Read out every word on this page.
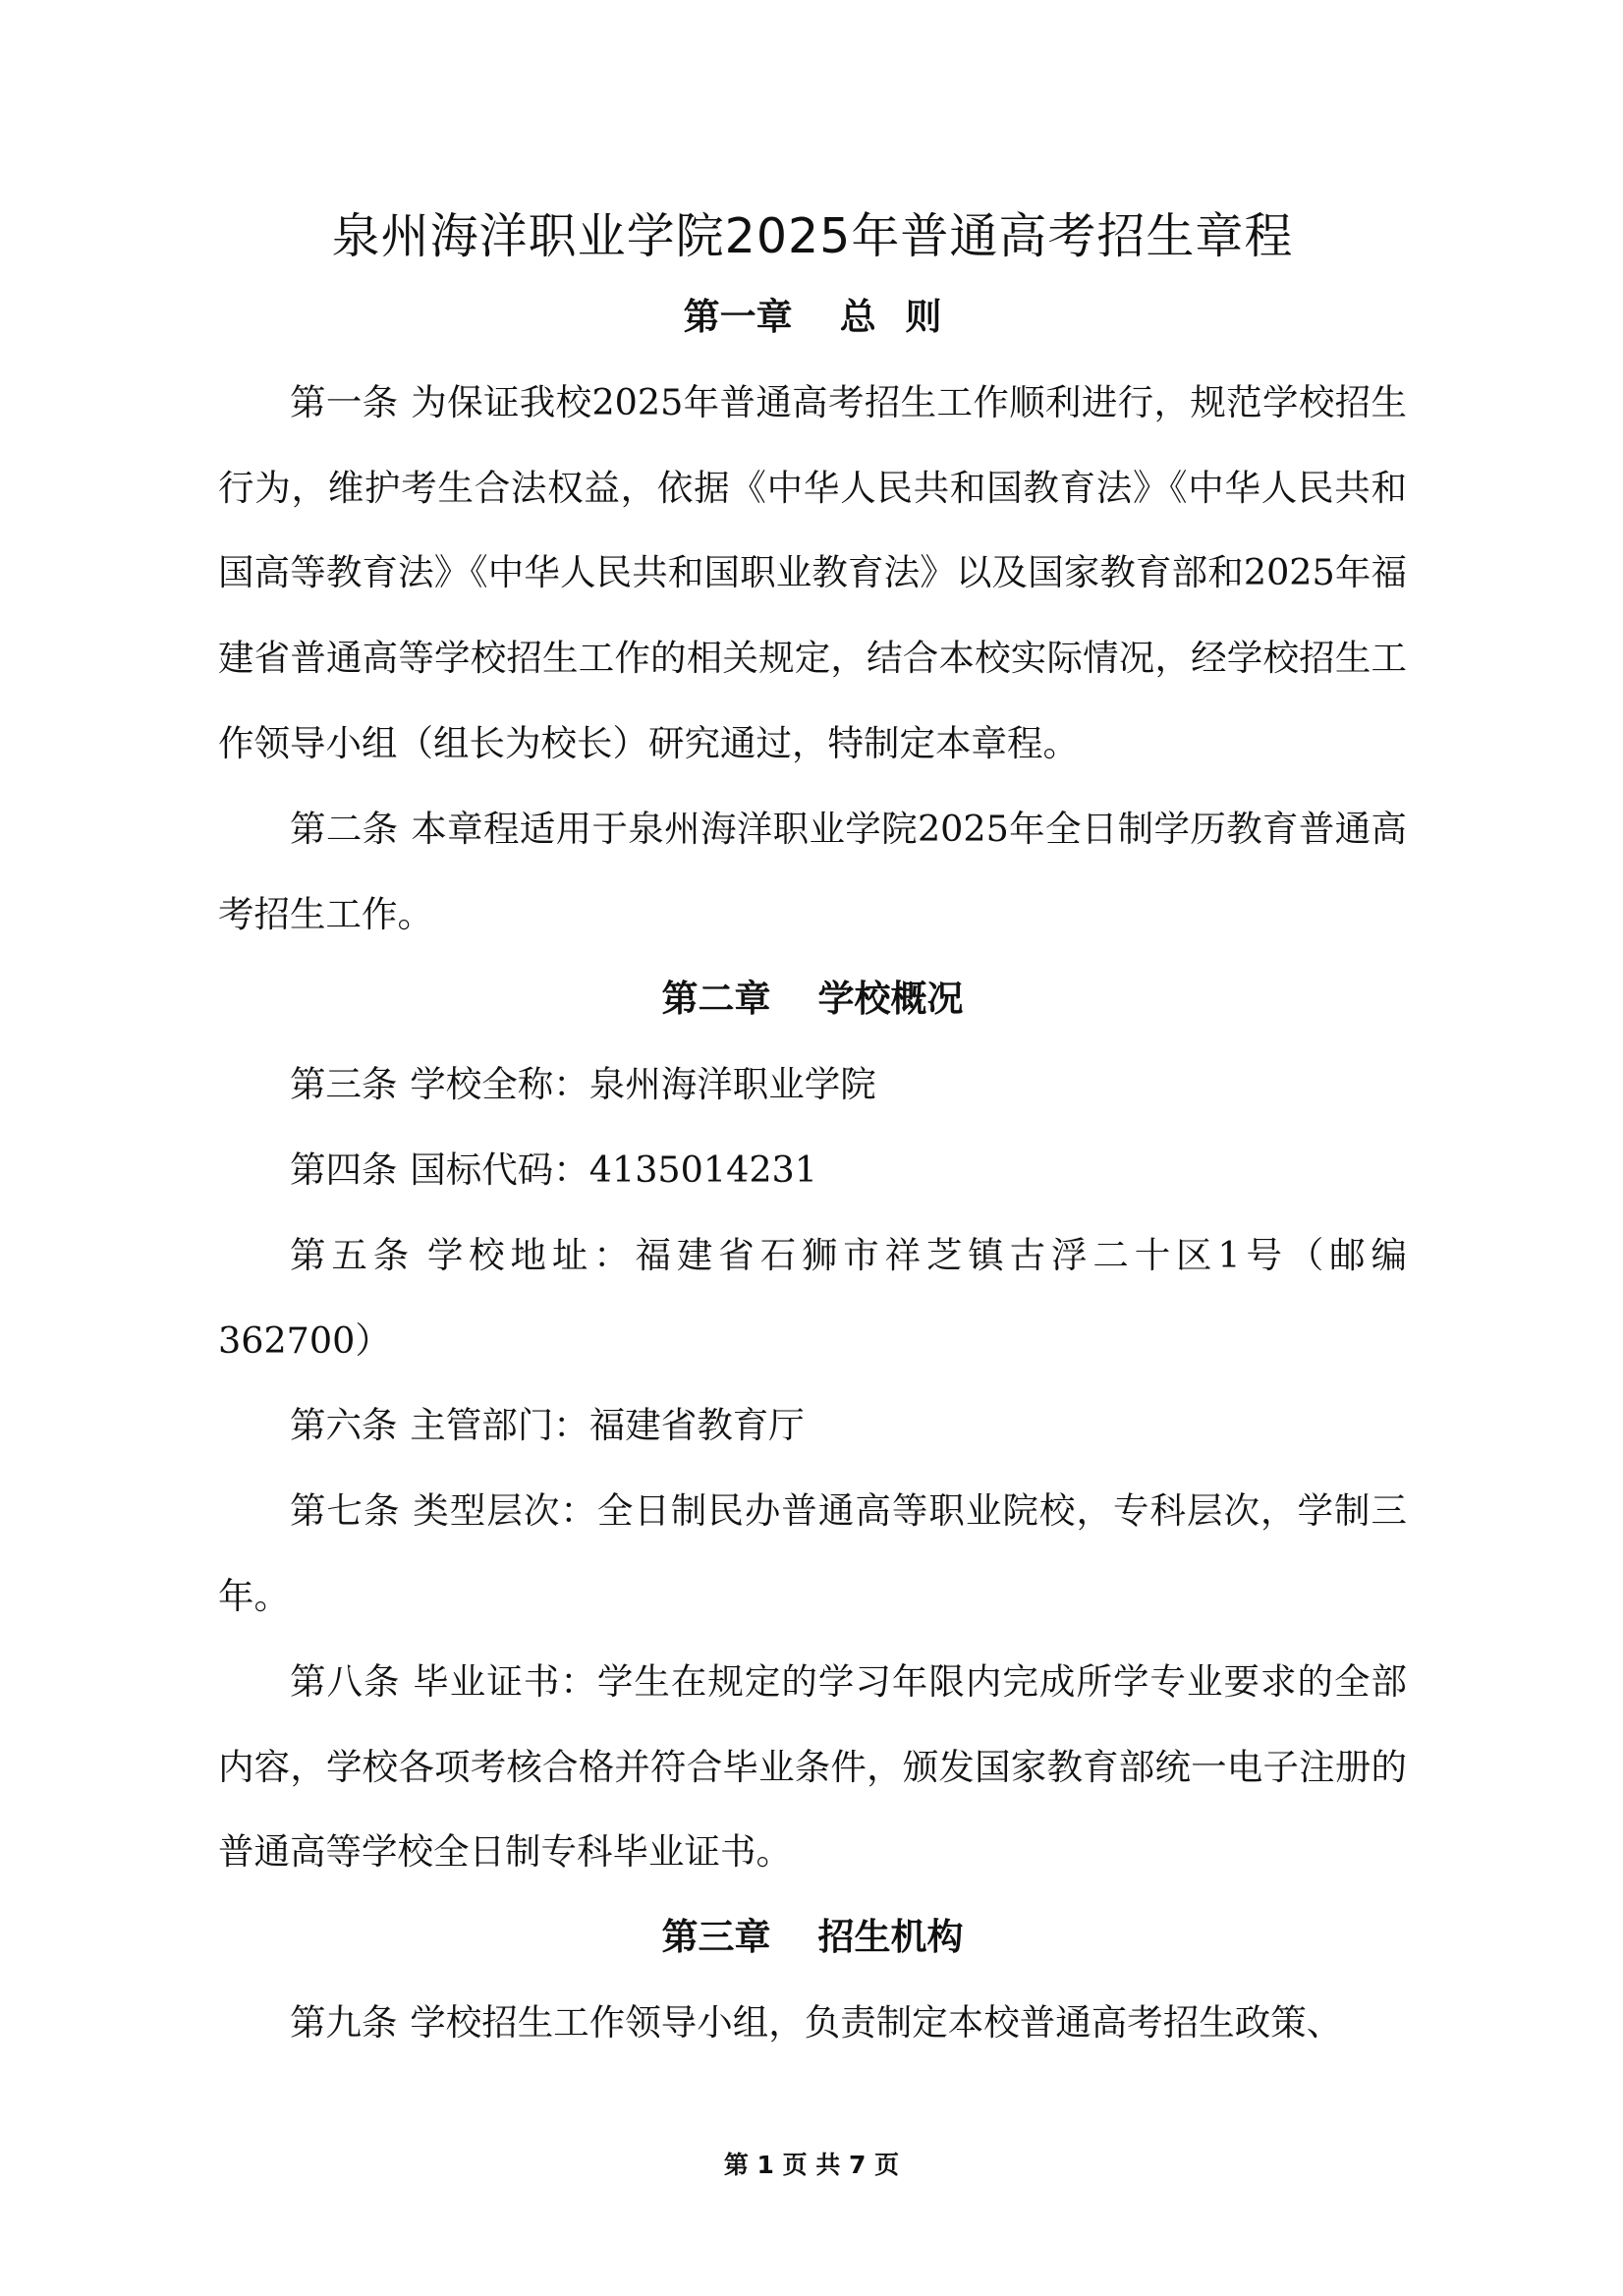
泉州海洋职业学院2025年普通高考招生章程

第一章 总 则

第一条 为保证我校2025年普通高考招生工作顺利进行，规范学校招生行为，维护考生合法权益，依据《中华人民共和国教育法》《中华人民共和国高等教育法》《中华人民共和国职业教育法》以及国家教育部和2025年福建省普通高等学校招生工作的相关规定，结合本校实际情况，经学校招生工作领导小组（组长为校长）研究通过，特制定本章程。

第二条 本章程适用于泉州海洋职业学院2025年全日制学历教育普通高考招生工作。

第二章 学校概况

第三条 学校全称：泉州海洋职业学院

第四条 国标代码：4135014231

第五条 学校地址：福建省石狮市祥芝镇古浮二十区1号（邮编362700）

第六条 主管部门：福建省教育厅

第七条 类型层次：全日制民办普通高等职业院校，专科层次，学制三年。

第八条 毕业证书：学生在规定的学习年限内完成所学专业要求的全部内容，学校各项考核合格并符合毕业条件，颁发国家教育部统一电子注册的普通高等学校全日制专科毕业证书。

第三章 招生机构

第九条 学校招生工作领导小组，负责制定本校普通高考招生政策、

第 1 页 共 7 页
